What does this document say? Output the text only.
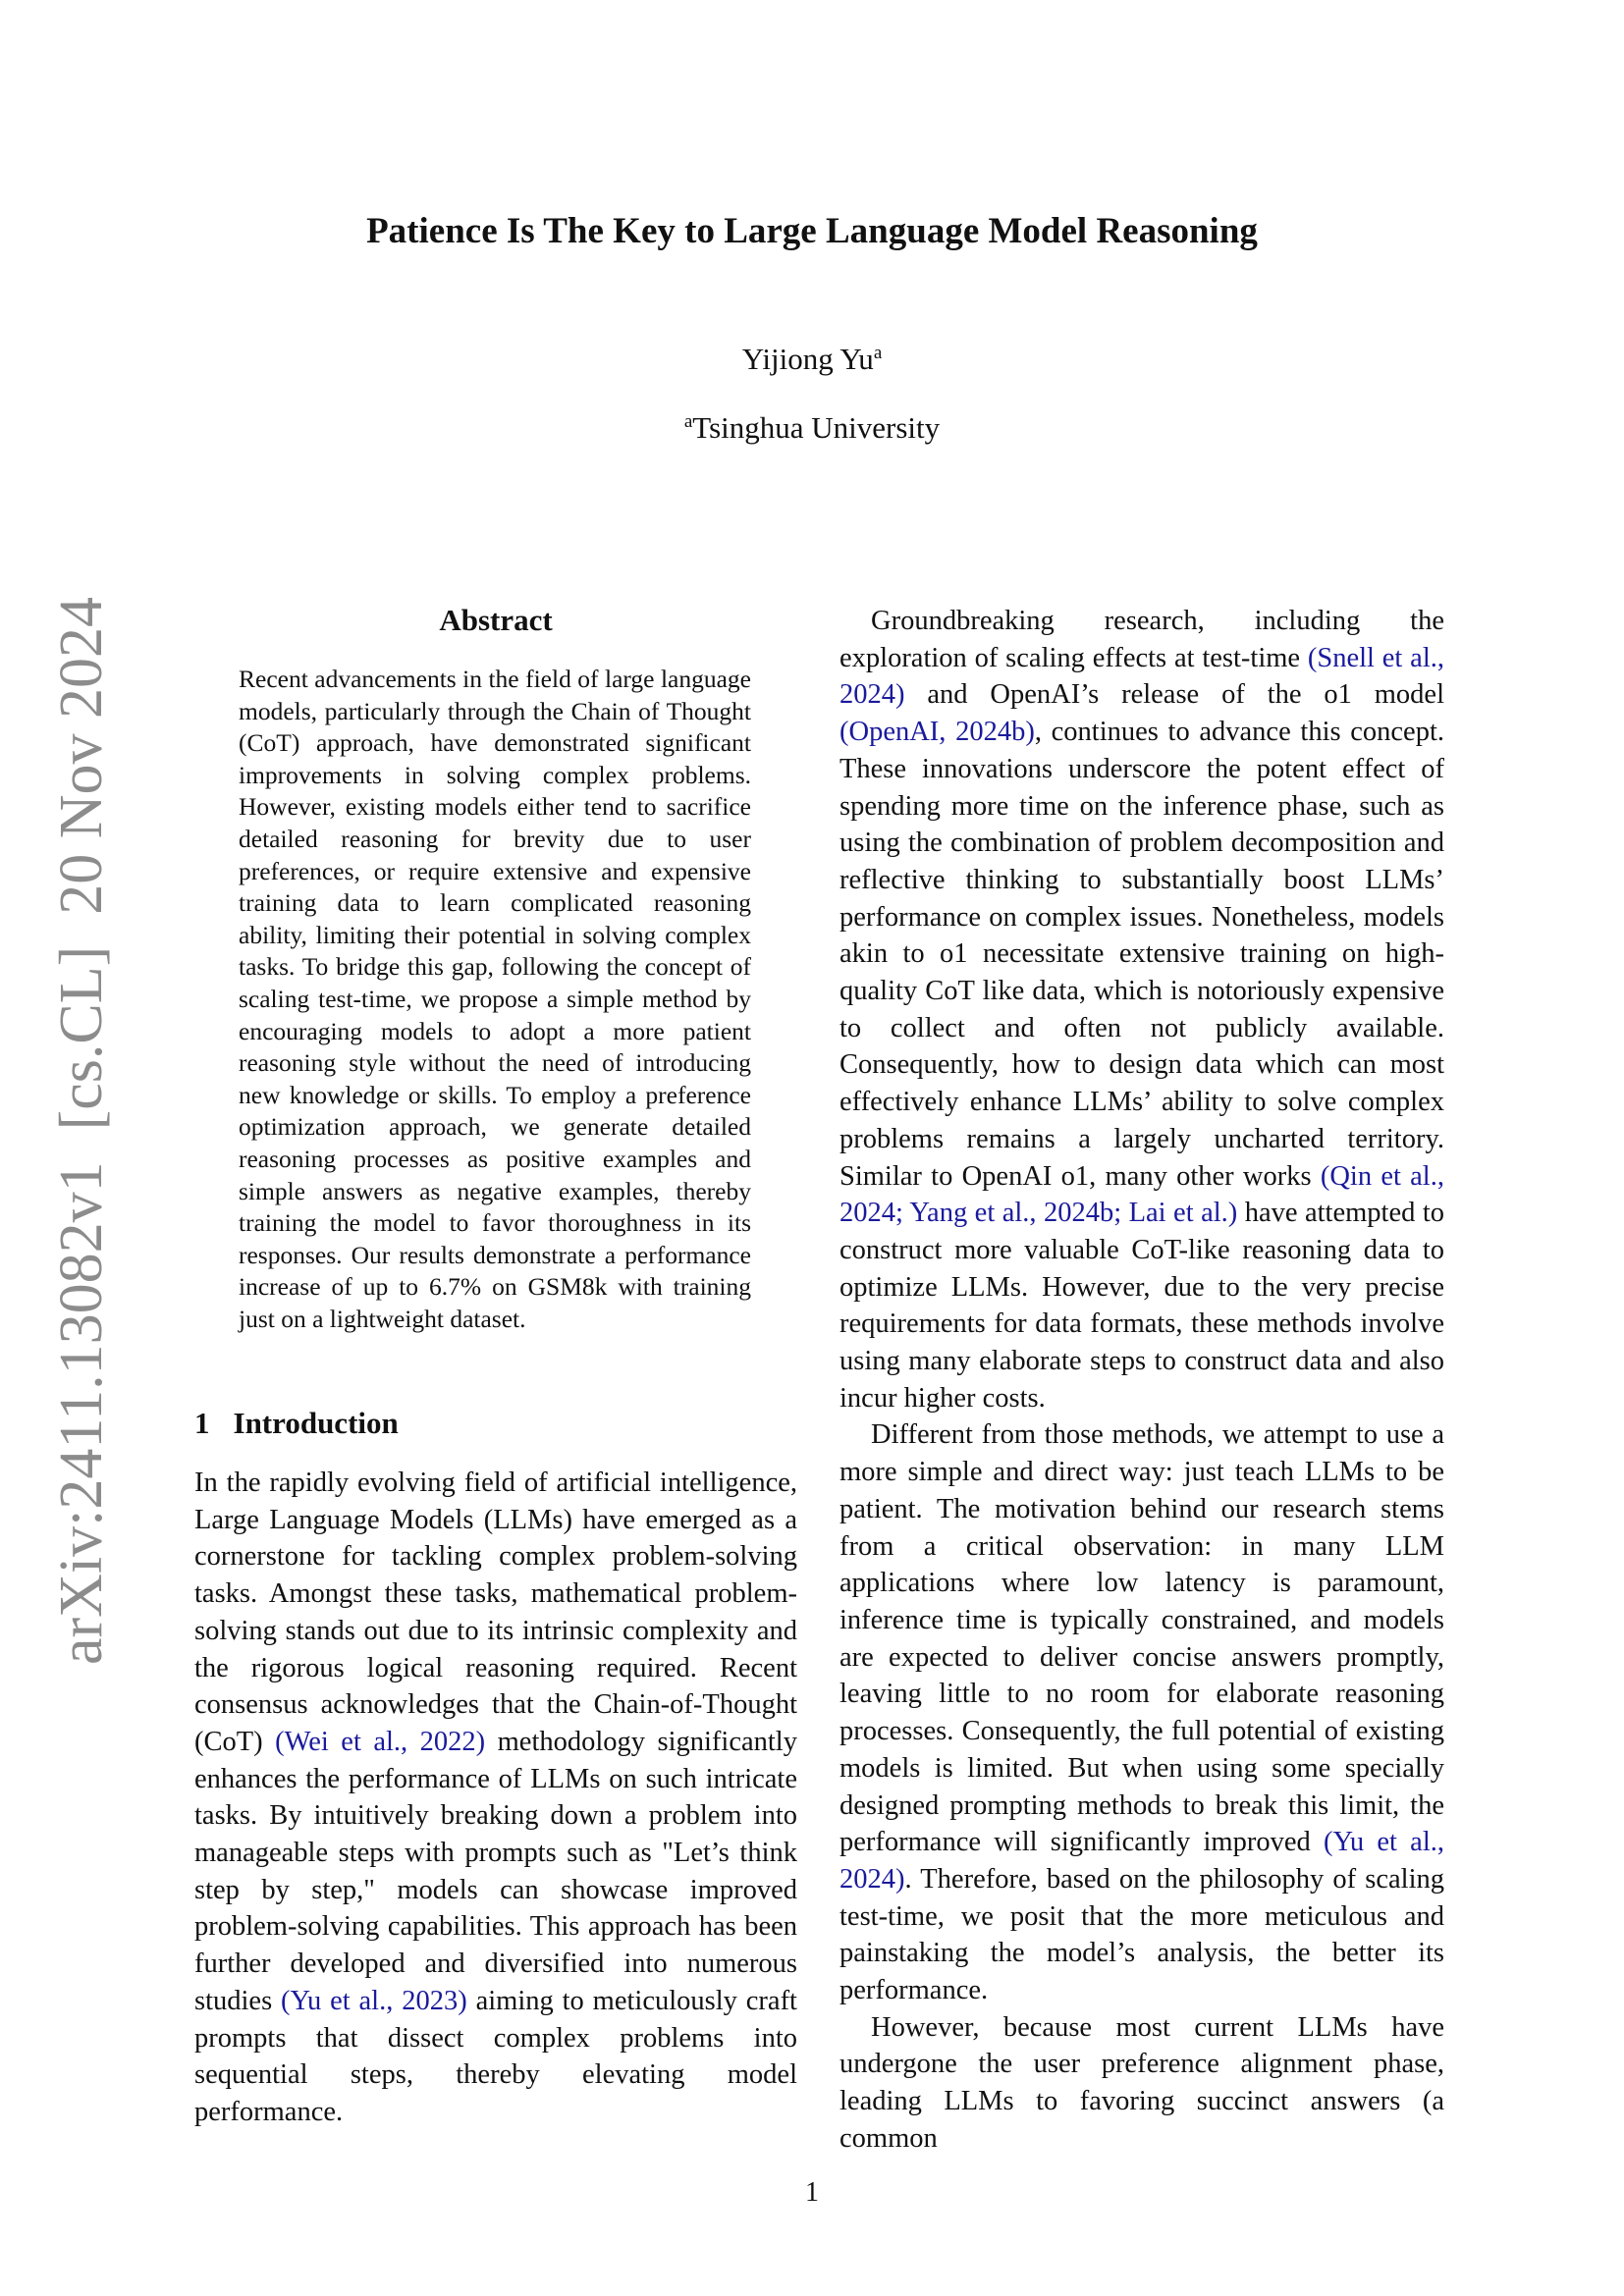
Patience Is The Key to Large Language Model Reasoning
Yijiong Yu$^a$
$^a$Tsinghua University
arXiv:2411.13082v1[cs.CL]20 Nov 2024	Abstract

Recent advancements in the field of large language models, particularly through the Chain of Thought (CoT) approach, have demonstrated significant improvements in solving complex problems. However, existing models either tend to sacrifice detailed reasoning for brevity due to user preferences, or require extensive and expensive training data to learn complicated reasoning ability, limiting their potential in solving complex tasks. To bridge this gap, following the concept of scaling test-time, we propose a simple method by encouraging models to adopt a more patient reasoning style without the need of introducing new knowledge or skills. To employ a preference optimization approach, we generate detailed reasoning processes as positive examples and simple answers as negative examples, thereby training the model to favor thoroughness in its responses. Our results demonstrate a performance increase of up to 6.7% on GSM8k with training just on a lightweight dataset.

1 Introduction

In the rapidly evolving field of artificial intelligence, Large Language Models (LLMs) have emerged as a cornerstone for tackling complex problem-solving tasks. Amongst these tasks, mathematical problem-solving stands out due to its intrinsic complexity and the rigorous logical reasoning required. Recent consensus acknowledges that the Chain-of-Thought (CoT) (Wei et al., 2022) methodology significantly enhances the performance of LLMs on such intricate tasks. By intuitively breaking down a problem into manageable steps with prompts such as "Let’s think step by step," models can showcase improved problem-solving capabilities. This approach has been further developed and diversified into numerous studies (Yu et al., 2023) aiming to meticulously craft prompts that dissect complex problems into sequential steps, thereby elevating model performance.

Groundbreaking research, including the exploration of scaling effects at test-time (Snell et al., 2024) and OpenAI’s release of the o1 model (OpenAI, 2024b), continues to advance this concept. These innovations underscore the potent effect of spending more time on the inference phase, such as using the combination of problem decomposition and reflective thinking to substantially boost LLMs’ performance on complex issues. Nonetheless, models akin to o1 necessitate extensive training on high-quality CoT like data, which is notoriously expensive to collect and often not publicly available. Consequently, how to design data which can most effectively enhance LLMs’ ability to solve complex problems remains a largely uncharted territory. Similar to OpenAI o1, many other works (Qin et al., 2024; Yang et al., 2024b; Lai et al.) have attempted to construct more valuable CoT-like reasoning data to optimize LLMs. However, due to the very precise requirements for data formats, these methods involve using many elaborate steps to construct data and also incur higher costs.

Different from those methods, we attempt to use a more simple and direct way: just teach LLMs to be patient. The motivation behind our research stems from a critical observation: in many LLM applications where low latency is paramount, inference time is typically constrained, and models are expected to deliver concise answers promptly, leaving little to no room for elaborate reasoning processes. Consequently, the full potential of existing models is limited. But when using some specially designed prompting methods to break this limit, the performance will significantly improved (Yu et al., 2024). Therefore, based on the philosophy of scaling test-time, we posit that the more meticulous and painstaking the model’s analysis, the better its performance.

However, because most current LLMs have undergone the user preference alignment phase, leading LLMs to favoring succinct answers (a common

1
